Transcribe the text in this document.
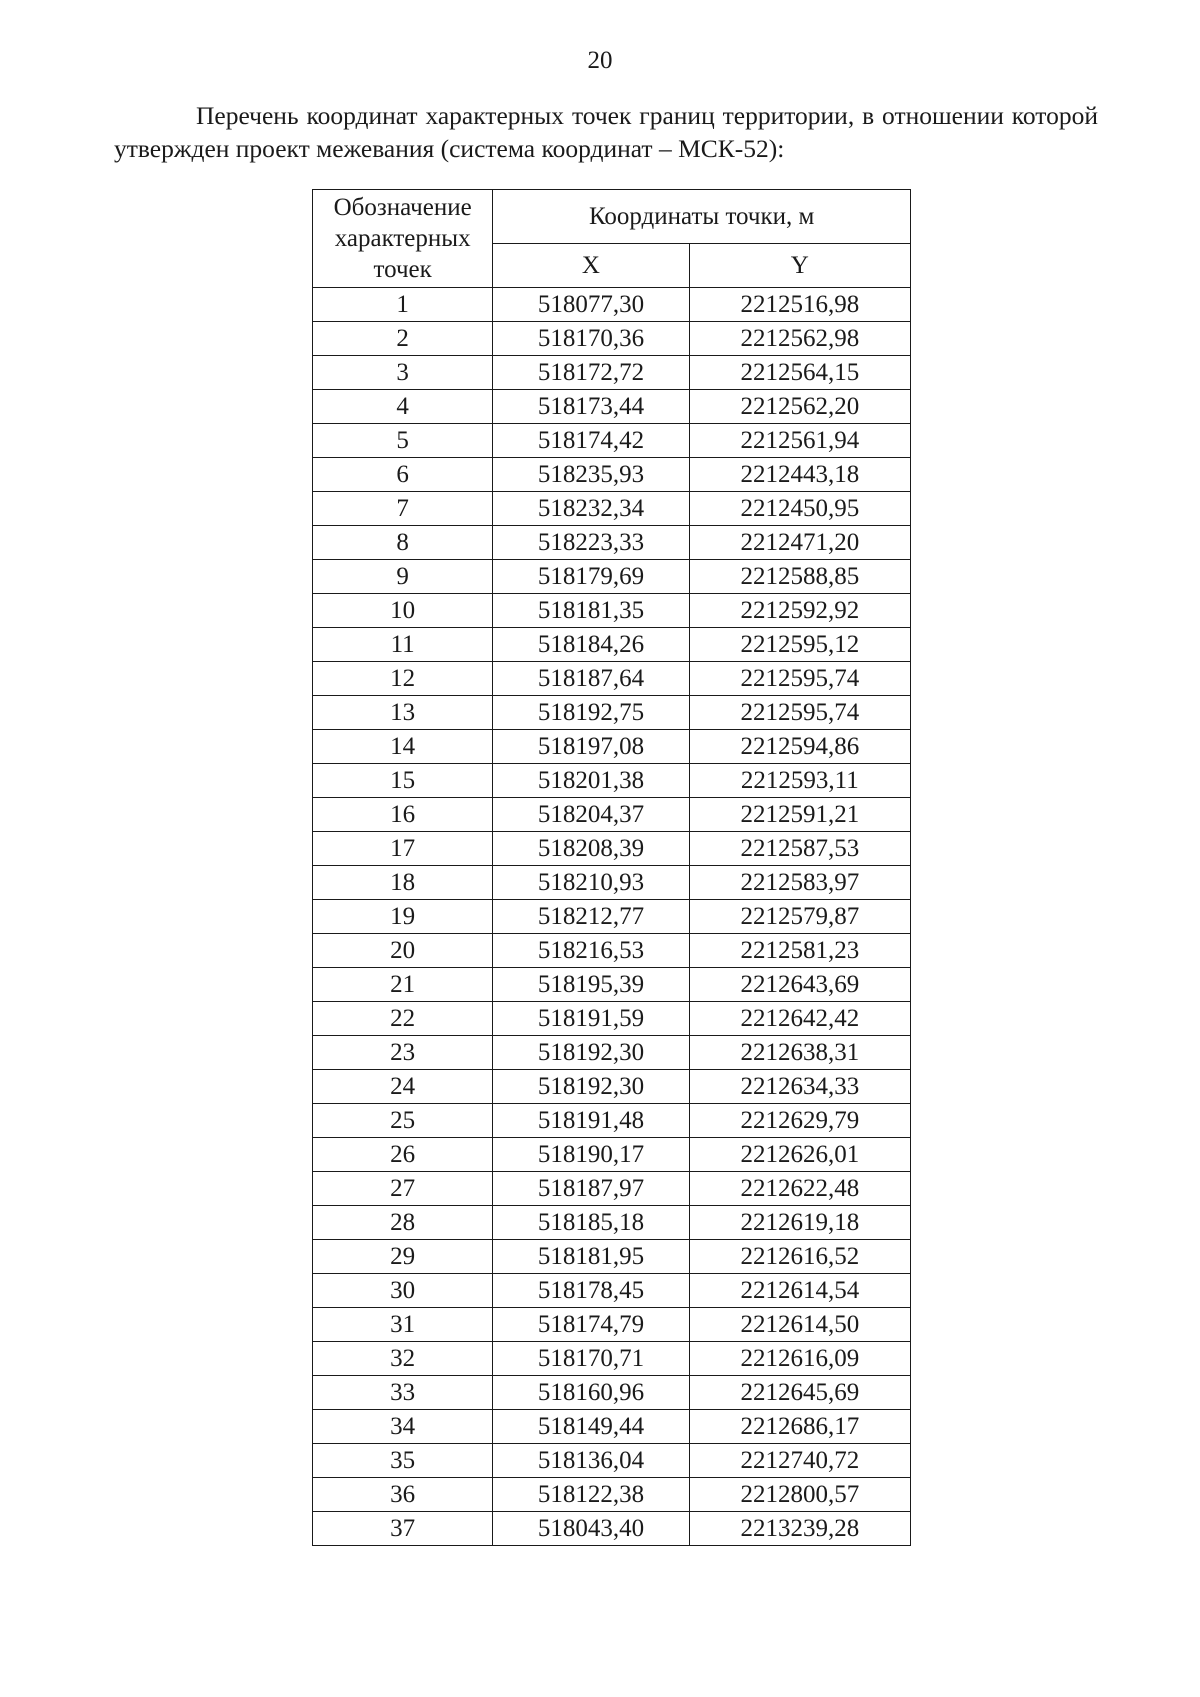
20

Перечень координат характерных точек границ территории, в отношении которой утвержден проект межевания (система координат – МСК-52):

Обозначение
характерных
точек	Координаты точки, м	
	X	Y
1	518077,30	2212516,98
2	518170,36	2212562,98
3	518172,72	2212564,15
4	518173,44	2212562,20
5	518174,42	2212561,94
6	518235,93	2212443,18
7	518232,34	2212450,95
8	518223,33	2212471,20
9	518179,69	2212588,85
10	518181,35	2212592,92
11	518184,26	2212595,12
12	518187,64	2212595,74
13	518192,75	2212595,74
14	518197,08	2212594,86
15	518201,38	2212593,11
16	518204,37	2212591,21
17	518208,39	2212587,53
18	518210,93	2212583,97
19	518212,77	2212579,87
20	518216,53	2212581,23
21	518195,39	2212643,69
22	518191,59	2212642,42
23	518192,30	2212638,31
24	518192,30	2212634,33
25	518191,48	2212629,79
26	518190,17	2212626,01
27	518187,97	2212622,48
28	518185,18	2212619,18
29	518181,95	2212616,52
30	518178,45	2212614,54
31	518174,79	2212614,50
32	518170,71	2212616,09
33	518160,96	2212645,69
34	518149,44	2212686,17
35	518136,04	2212740,72
36	518122,38	2212800,57
37	518043,40	2213239,28
